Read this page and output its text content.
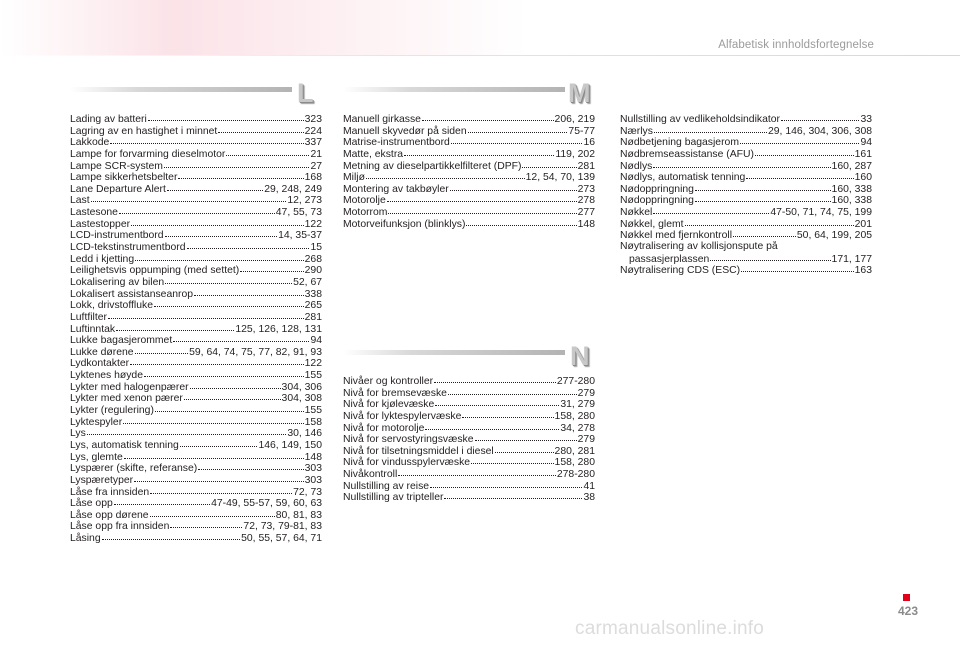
Alfabetisk innholdsfortegnelse
L
Lading av batteri	323
Lagring av en hastighet i minnet	224
Lakkode	337
Lampe for forvarming dieselmotor	21
Lampe SCR-system	27
Lampe sikkerhetsbelter	168
Lane Departure Alert	29, 248, 249
Last	12, 273
Lastesone	47, 55, 73
Lastestopper	122
LCD-instrumentbord	14, 35-37
LCD-tekstinstrumentbord	15
Ledd i kjetting	268
Leilighetsvis oppumping (med settet)	290
Lokalisering av bilen	52, 67
Lokalisert assistanseanrop	338
Lokk, drivstoffluke	265
Luftfilter	281
Luftinntak	125, 126, 128, 131
Lukke bagasjerommet	94
Lukke dørene	59, 64, 74, 75, 77, 82, 91, 93
Lydkontakter	122
Lyktenes høyde	155
Lykter med halogenpærer	304, 306
Lykter med xenon pærer	304, 308
Lykter (regulering)	155
Lyktespyler	158
Lys	30, 146
Lys, automatisk tenning	146, 149, 150
Lys, glemte	148
Lyspærer (skifte, referanse)	303
Lyspæretyper	303
Låse fra innsiden	72, 73
Låse opp	47-49, 55-57, 59, 60, 63
Låse opp dørene	80, 81, 83
Låse opp fra innsiden	72, 73, 79-81, 83
Låsing	50, 55, 57, 64, 71
M
Manuell girkasse	206, 219
Manuell skyvedør på siden	75-77
Matrise-instrumentbord	16
Matte, ekstra	119, 202
Metning av dieselpartikkelfilteret (DPF)	281
Miljø	12, 54, 70, 139
Montering av takbøyler	273
Motorolje	278
Motorrom	277
Motorveifunksjon (blinklys)	148
Nullstilling av vedlikeholdsindikator	33
Nærlys	29, 146, 304, 306, 308
Nødbetjening bagasjerom	94
Nødbremseassistanse (AFU)	161
Nødlys	160, 287
Nødlys, automatisk tenning	160
Nødoppringning	160, 338
Nødoppringning	160, 338
Nøkkel	47-50, 71, 74, 75, 199
Nøkkel, glemt	201
Nøkkel med fjernkontroll	50, 64, 199, 205
Nøytralisering av kollisjonspute på
passasjerplassen	171, 177
Nøytralisering CDS (ESC)	163
N
Nivåer og kontroller	277-280
Nivå for bremsevæske	279
Nivå for kjølevæske	31, 279
Nivå for lyktespylervæske	158, 280
Nivå for motorolje	34, 278
Nivå for servostyringsvæske	279
Nivå for tilsetningsmiddel i diesel	280, 281
Nivå for vindusspylervæske	158, 280
Nivåkontroll	278-280
Nullstilling av reise	41
Nullstilling av tripteller	38
423
carmanualsonline.info
